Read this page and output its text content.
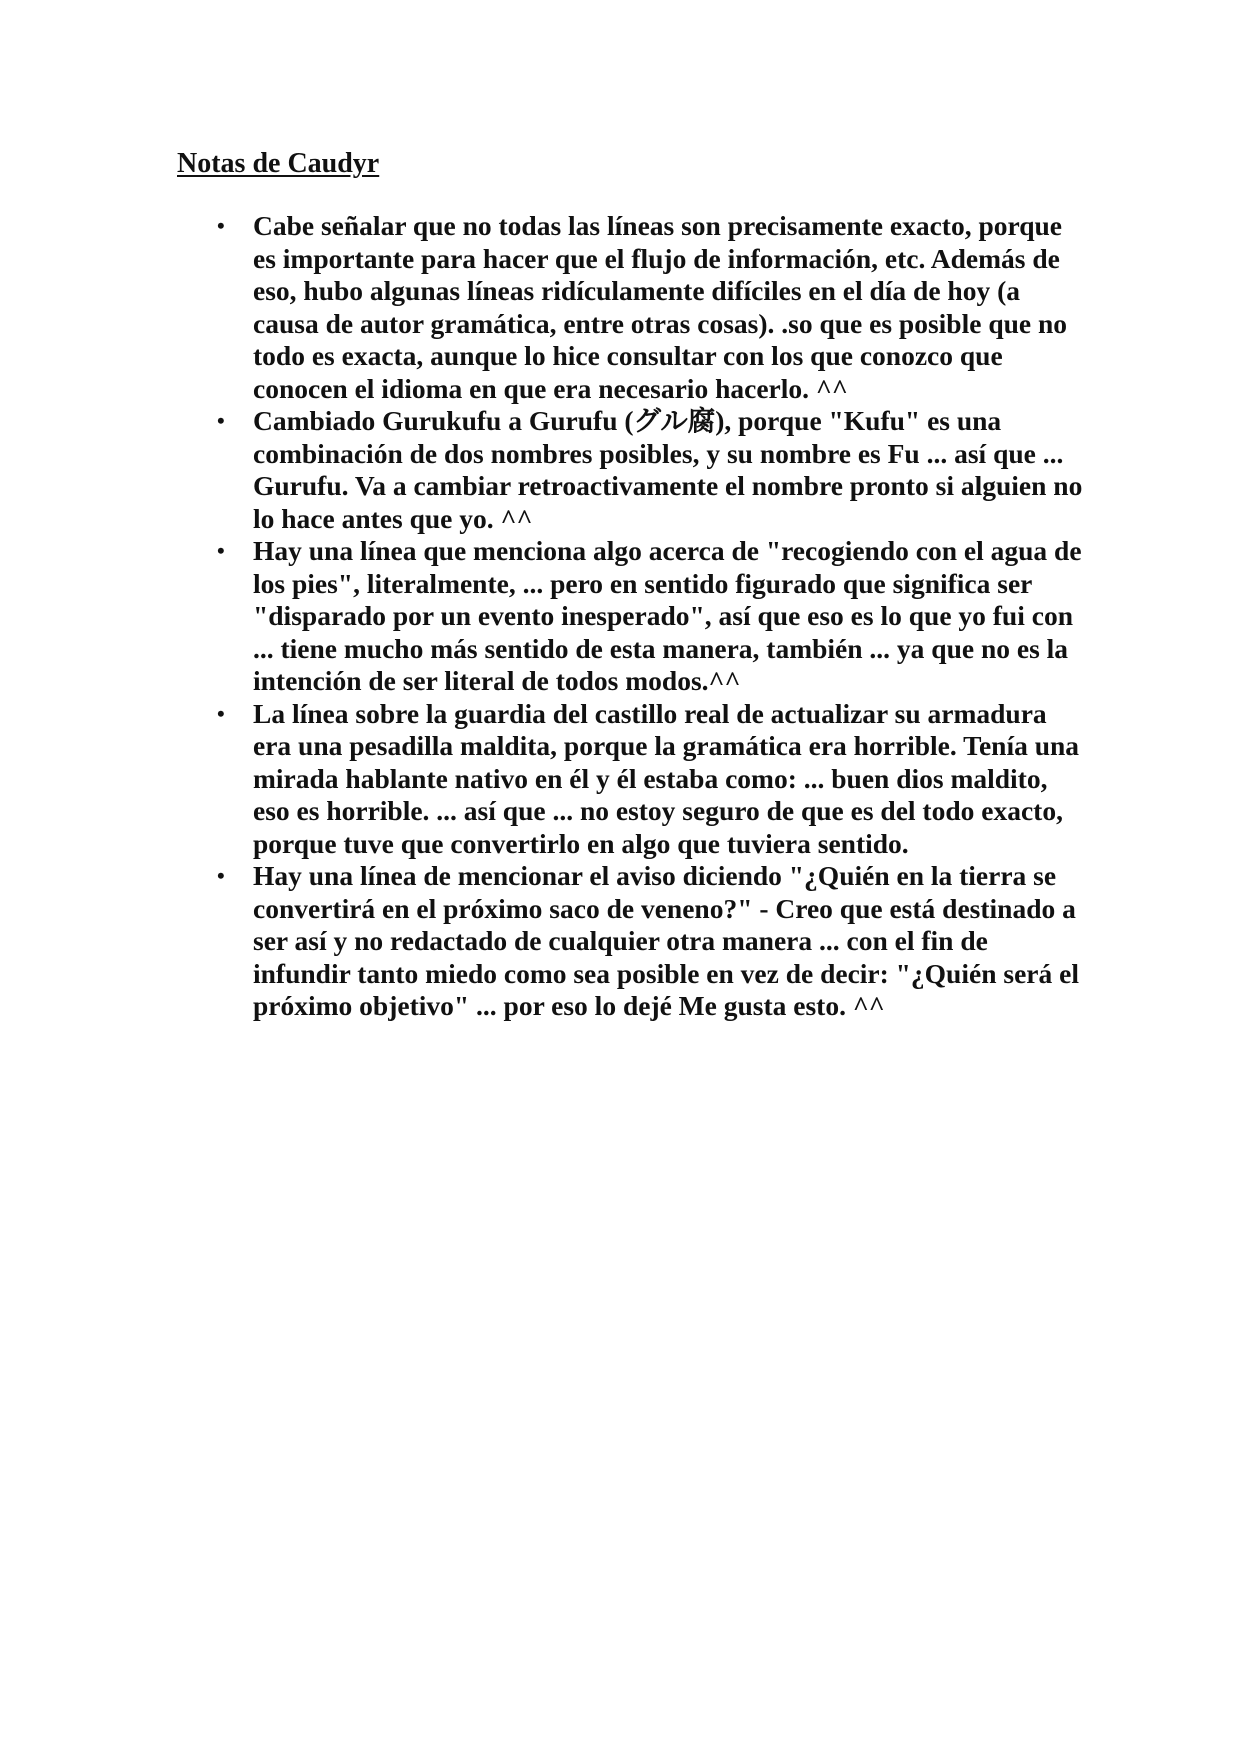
Notas de Caudyr
• Cabe señalar que no todas las líneas son precisamente exacto, porque es importante para hacer que el flujo de información, etc. Además de eso, hubo algunas líneas ridículamente difíciles en el día de hoy (a causa de autor gramática, entre otras cosas). .so que es posible que no todo es exacta, aunque lo hice consultar con los que conozco que conocen el idioma en que era necesario hacerlo. ^^
• Cambiado Gurukufu a Gurufu (グル腐), porque "Kufu" es una combinación de dos nombres posibles, y su nombre es Fu ... así que ... Gurufu. Va a cambiar retroactivamente el nombre pronto si alguien no lo hace antes que yo. ^^
• Hay una línea que menciona algo acerca de "recogiendo con el agua de los pies", literalmente, ... pero en sentido figurado que significa ser "disparado por un evento inesperado", así que eso es lo que yo fui con ... tiene mucho más sentido de esta manera, también ... ya que no es la intención de ser literal de todos modos.^^
• La línea sobre la guardia del castillo real de actualizar su armadura era una pesadilla maldita, porque la gramática era horrible. Tenía una mirada hablante nativo en él y él estaba como: ... buen dios maldito, eso es horrible. ... así que ... no estoy seguro de que es del todo exacto, porque tuve que convertirlo en algo que tuviera sentido.
• Hay una línea de mencionar el aviso diciendo "¿Quién en la tierra se convertirá en el próximo saco de veneno?" - Creo que está destinado a ser así y no redactado de cualquier otra manera ... con el fin de infundir tanto miedo como sea posible en vez de decir: "¿Quién será el próximo objetivo" ... por eso lo dejé Me gusta esto. ^^
